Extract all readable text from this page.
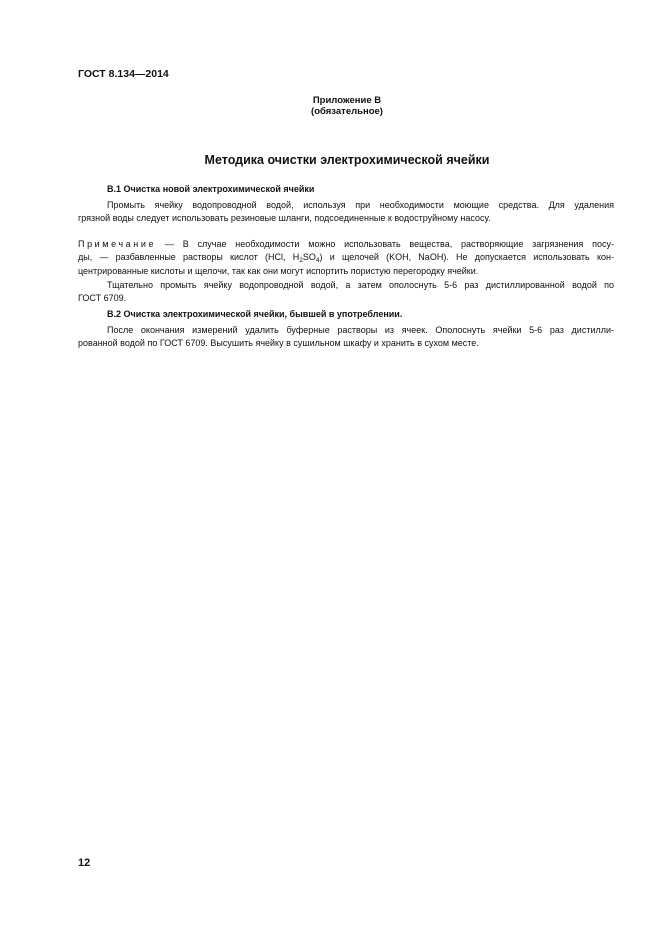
ГОСТ 8.134—2014
Приложение В
(обязательное)
Методика очистки электрохимической ячейки
В.1 Очистка новой электрохимической ячейки
Промыть ячейку водопроводной водой, используя при необходимости моющие средства. Для удаления
грязной воды следует использовать резиновые шланги, подсоединенные к водоструйному насосу.
Примечание — В случае необходимости можно использовать вещества, растворяющие загрязнения посу-
ды, — разбавленные растворы кислот (HCl, $H_2SO_4$) и щелочей (KOH, NaOH). Не допускается использовать кон-
центрированные кислоты и щелочи, так как они могут испортить пористую перегородку ячейки.
Тщательно промыть ячейку водопроводной водой, а затем ополоснуть 5-6 раз дистиллированной водой по
ГОСТ 6709.
В.2 Очистка электрохимической ячейки, бывшей в употреблении.
После окончания измерений удалить буферные растворы из ячеек. Ополоснуть ячейки 5-6 раз дистилли-
рованной водой по ГОСТ 6709. Высушить ячейку в сушильном шкафу и хранить в сухом месте.
12
